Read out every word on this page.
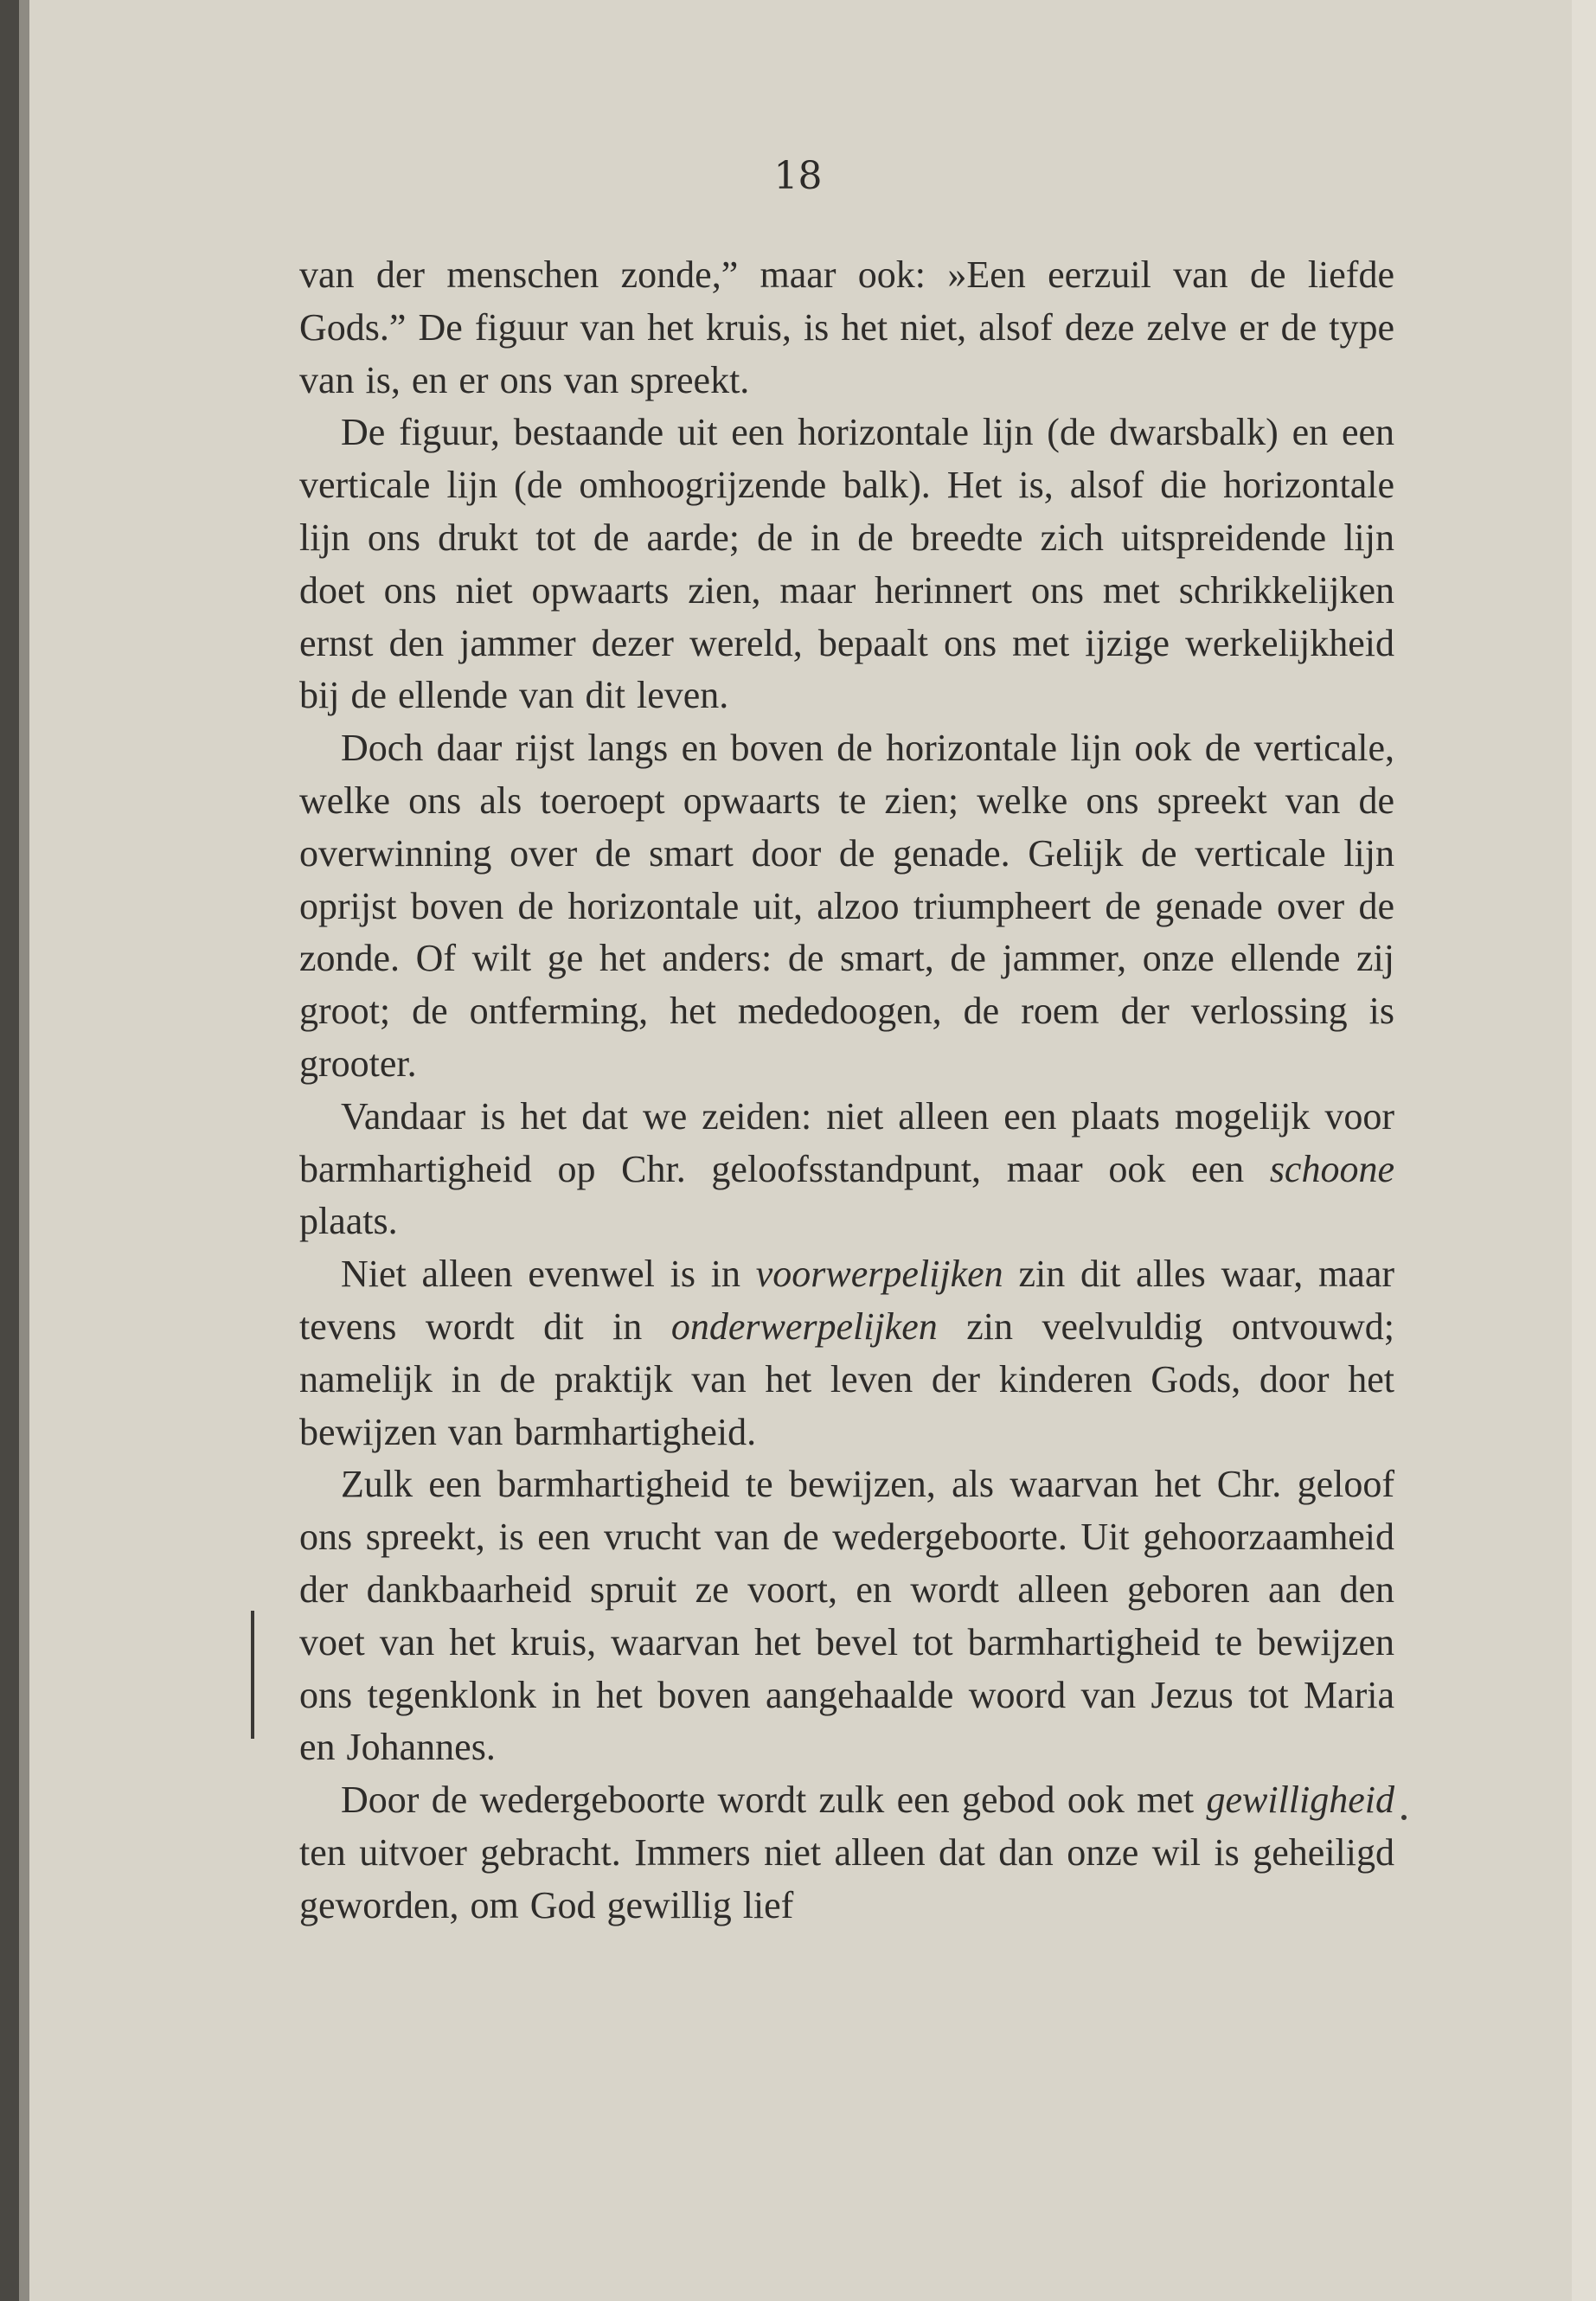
18

van der menschen zonde,” maar ook: »Een eerzuil van de liefde Gods.” De figuur van het kruis, is het niet, alsof deze zelve er de type van is, en er ons van spreekt.

De figuur, bestaande uit een horizontale lijn (de dwarsbalk) en een verticale lijn (de omhoogrijzende balk). Het is, alsof die horizontale lijn ons drukt tot de aarde; de in de breedte zich uitspreidende lijn doet ons niet opwaarts zien, maar herinnert ons met schrikkelijken ernst den jammer dezer wereld, bepaalt ons met ijzige werkelijkheid bij de ellende van dit leven.

Doch daar rijst langs en boven de horizontale lijn ook de verticale, welke ons als toeroept opwaarts te zien; welke ons spreekt van de overwinning over de smart door de genade. Gelijk de verticale lijn oprijst boven de horizontale uit, alzoo triumpheert de genade over de zonde. Of wilt ge het anders: de smart, de jammer, onze ellende zij groot; de ontferming, het mededoogen, de roem der verlossing is grooter.

Vandaar is het dat we zeiden: niet alleen een plaats mogelijk voor barmhartigheid op Chr. geloofsstandpunt, maar ook een schoone plaats.

Niet alleen evenwel is in voorwerpelijken zin dit alles waar, maar tevens wordt dit in onderwerpelijken zin veelvuldig ontvouwd; namelijk in de praktijk van het leven der kinderen Gods, door het bewijzen van barmhartigheid.

Zulk een barmhartigheid te bewijzen, als waarvan het Chr. geloof ons spreekt, is een vrucht van de wedergeboorte. Uit gehoorzaamheid der dankbaarheid spruit ze voort, en wordt alleen geboren aan den voet van het kruis, waarvan het bevel tot barmhartigheid te bewijzen ons tegenklonk in het boven aangehaalde woord van Jezus tot Maria en Johannes.

Door de wedergeboorte wordt zulk een gebod ook met gewilligheid ten uitvoer gebracht. Immers niet alleen dat dan onze wil is geheiligd geworden, om God gewillig lief
